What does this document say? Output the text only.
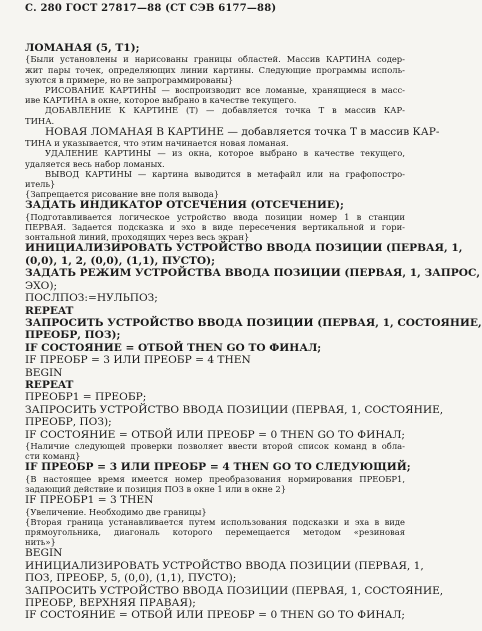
С. 280 ГОСТ 27817—88 (СТ СЭВ 6177—88)
ЛОМАНАЯ (5, Т1);
{Были установлены и нарисованы границы областей. Массив КАРТИНА содер-
жит пары точек, определяющих линии картины. Следующие программы исполь-
зуются в примере, но не запрограммированы}
РИСОВАНИЕ КАРТИНЫ — воспроизводит все ломаные, хранящиеся в масс-
иве КАРТИНА в окне, которое выбрано в качестве текущего.
ДОБАВЛЕНИЕ К КАРТИНЕ (Т) — добавляется точка Т в массив КАР-
ТИНА.
НОВАЯ ЛОМАНАЯ В КАРТИНЕ — добавляется точка Т в массив КАР-
ТИНА и указывается, что этим начинается новая ломаная.
УДАЛЕНИЕ КАРТИНЫ — из окна, которое выбрано в качестве текущего,
удаляется весь набор ломаных.
ВЫВОД КАРТИНЫ — картина выводится в метафайл или на графопостро-
итель}
{Запрещается рисование вне поля вывода}
ЗАДАТЬ ИНДИКАТОР ОТСЕЧЕНИЯ (ОТСЕЧЕНИЕ);
{Подготавливается логическое устройство ввода позиции номер 1 в станции
ПЕРВАЯ. Задается подсказка и эхо в виде пересечения вертикальной и гори-
зонтальной линий, проходящих через весь экран}
ИНИЦИАЛИЗИРОВАТЬ УСТРОЙСТВО ВВОДА ПОЗИЦИИ (ПЕРВАЯ, 1,
(0,0), 1, 2, (0,0), (1,1), ПУСТО);
ЗАДАТЬ РЕЖИМ УСТРОЙСТВА ВВОДА ПОЗИЦИИ (ПЕРВАЯ, 1, ЗАПРОС,
ЭХО);
ПОСЛПОЗ:=НУЛЬПОЗ;
REPEAT
ЗАПРОСИТЬ УСТРОЙСТВО ВВОДА ПОЗИЦИИ (ПЕРВАЯ, 1, СОСТОЯНИЕ,
ПРЕОБР, ПОЗ);
IF СОСТОЯНИЕ = ОТБОЙ THEN GO TO ФИНАЛ;
IF ПРЕОБР = 3 ИЛИ ПРЕОБР = 4 THEN
BEGIN
REPEAT
ПРЕОБР1 = ПРЕОБР;
ЗАПРОСИТЬ УСТРОЙСТВО ВВОДА ПОЗИЦИИ (ПЕРВАЯ, 1, СОСТОЯНИЕ,
ПРЕОБР, ПОЗ);
IF СОСТОЯНИЕ = ОТБОЙ ИЛИ ПРЕОБР = 0 THEN GO TO ФИНАЛ;
{Наличие следующей проверки позволяет ввести второй список команд в обла-
сти команд}
IF ПРЕОБР = 3 ИЛИ ПРЕОБР = 4 THEN GO TO СЛЕДУЮЩИЙ;
{В настоящее время имеется номер преобразования нормирования ПРЕОБР1,
задающий действие и позиция ПОЗ в окне 1 или в окне 2}
IF ПРЕОБР1 = 3 THEN
{Увеличение. Необходимо две границы}
{Вторая граница устанавливается путем использования подсказки и эха в виде
прямоугольника, диагональ которого перемещается методом «резиновая
нить»}
BEGIN
ИНИЦИАЛИЗИРОВАТЬ УСТРОЙСТВО ВВОДА ПОЗИЦИИ (ПЕРВАЯ, 1,
ПОЗ, ПРЕОБР, 5, (0,0), (1,1), ПУСТО);
ЗАПРОСИТЬ УСТРОЙСТВО ВВОДА ПОЗИЦИИ (ПЕРВАЯ, 1, СОСТОЯНИЕ,
ПРЕОБР, ВЕРХНЯЯ ПРАВАЯ);
IF СОСТОЯНИЕ = ОТБОЙ ИЛИ ПРЕОБР = 0 THEN GO TO ФИНАЛ;
